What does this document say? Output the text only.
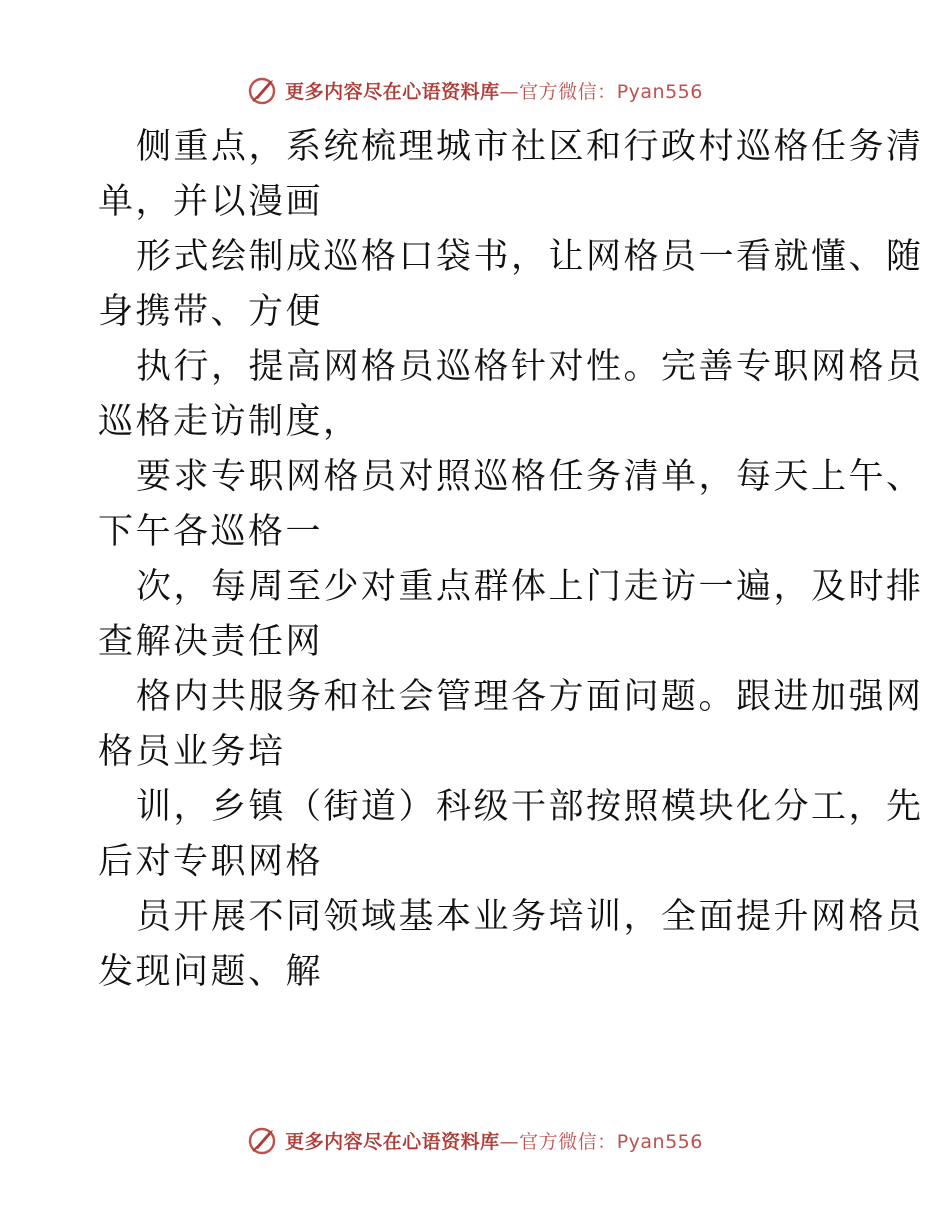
更多内容尽在心语资料库—官方微信：Pyan556
侧重点，系统梳理城市社区和行政村巡格任务清
单，并以漫画
形式绘制成巡格口袋书，让网格员一看就懂、随
身携带、方便
执行，提高网格员巡格针对性。完善专职网格员
巡格走访制度，
要求专职网格员对照巡格任务清单，每天上午、
下午各巡格一
次，每周至少对重点群体上门走访一遍，及时排
查解决责任网
格内共服务和社会管理各方面问题。跟进加强网
格员业务培
训，乡镇（街道）科级干部按照模块化分工，先
后对专职网格
员开展不同领域基本业务培训，全面提升网格员
发现问题、解
更多内容尽在心语资料库—官方微信：Pyan556
